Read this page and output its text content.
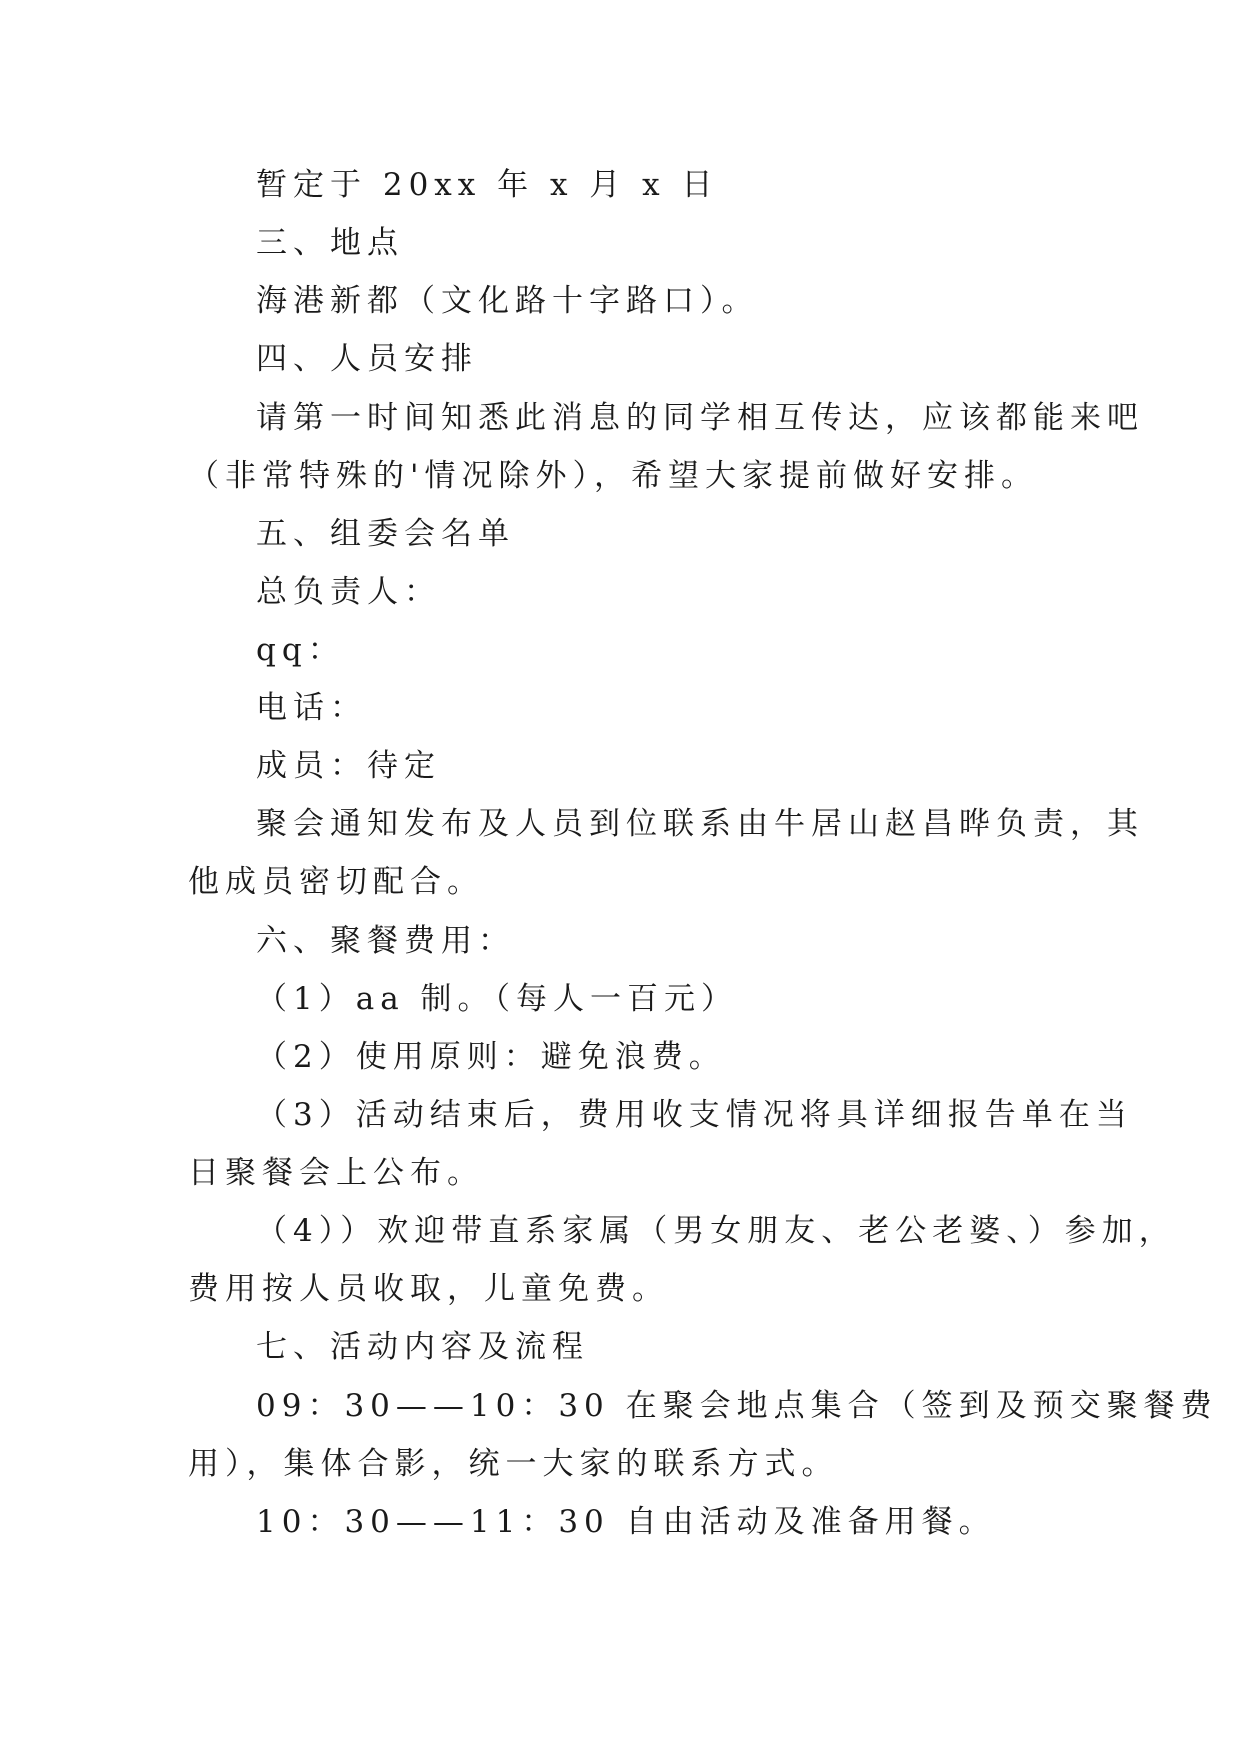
暂定于 20xx 年 x 月 x 日
三、地点
海港新都（文化路十字路口）。
四、人员安排
请第一时间知悉此消息的同学相互传达，应该都能来吧
（非常特殊的'情况除外），希望大家提前做好安排。
五、组委会名单
总负责人：
qq：
电话：
成员：待定
聚会通知发布及人员到位联系由牛居山赵昌晔负责，其
他成员密切配合。
六、聚餐费用：
（1）aa 制。（每人一百元）
（2）使用原则：避免浪费。
（3）活动结束后，费用收支情况将具详细报告单在当
日聚餐会上公布。
（4））欢迎带直系家属（男女朋友、老公老婆、）参加，
费用按人员收取，儿童免费。
七、活动内容及流程
09：30——10：30 在聚会地点集合（签到及预交聚餐费
用），集体合影，统一大家的联系方式。
10：30——11：30 自由活动及准备用餐。
